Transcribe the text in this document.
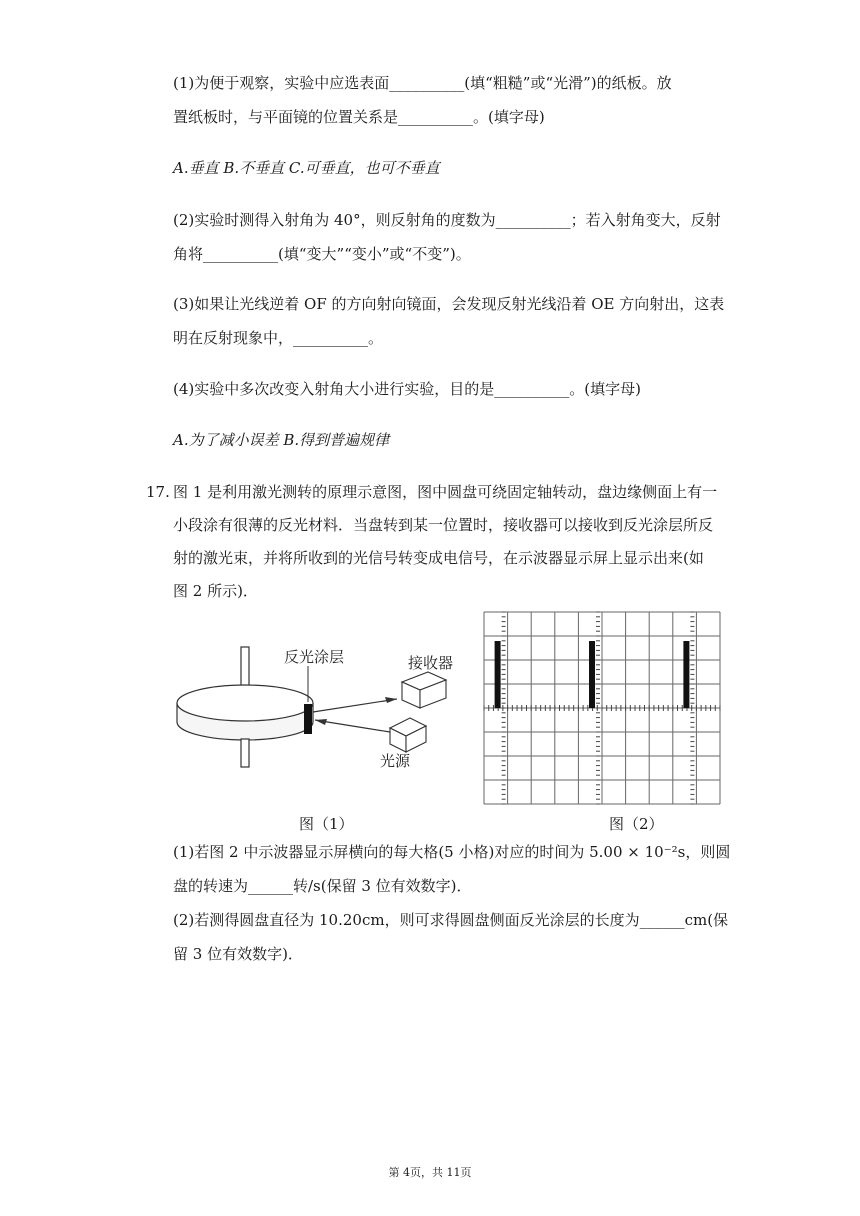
(1)为便于观察，实验中应选表面__________(填“粗糙”或“光滑”)的纸板。放
置纸板时，与平面镜的位置关系是__________。(填字母)
A.垂直 B.不垂直 C.可垂直，也可不垂直
(2)实验时测得入射角为 40°，则反射角的度数为__________；若入射角变大，反射
角将__________(填“变大”“变小”或“不变”)。
(3)如果让光线逆着 OF 的方向射向镜面，会发现反射光线沿着 OE 方向射出，这表
明在反射现象中，__________。
(4)实验中多次改变入射角大小进行实验，目的是__________。(填字母)
A.为了减小误差 B.得到普遍规律
17. 图 1 是利用激光测转的原理示意图，图中圆盘可绕固定轴转动，盘边缘侧面上有一
小段涂有很薄的反光材料．当盘转到某一位置时，接收器可以接收到反光涂层所反
射的激光束，并将所收到的光信号转变成电信号，在示波器显示屏上显示出来(如
图 2 所示)．
反光涂层	接收器
光源
图（1）	图（2）
(1)若图 2 中示波器显示屏横向的每大格(5 小格)对应的时间为 5.00 × 10⁻²s，则圆
盘的转速为______转/s(保留 3 位有效数字)．
(2)若测得圆盘直径为 10.20cm，则可求得圆盘侧面反光涂层的长度为______cm(保
留 3 位有效数字)．
第 4页，共 11页
